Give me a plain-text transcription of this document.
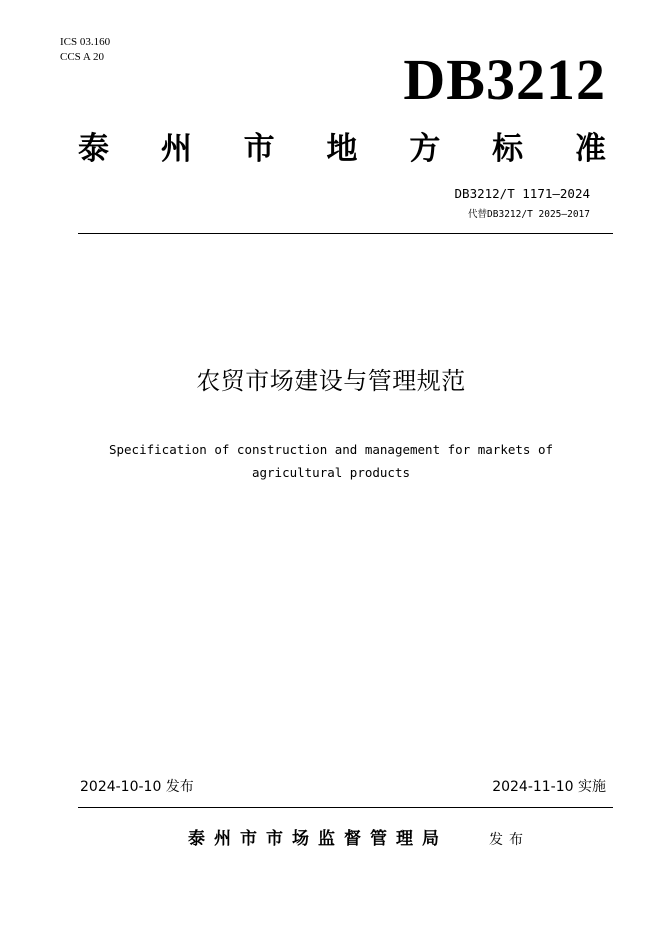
ICS 03.160
CCS A 20	DB3212
泰 州 市 地 方 标 准
DB3212/T 1171—2024
代替DB3212/T 2025—2017
农贸市场建设与管理规范
Specification of construction and management for markets of
agricultural products
2024-10-10 发布	2024-11-10 实施
泰州市市场监督管理局	发布
